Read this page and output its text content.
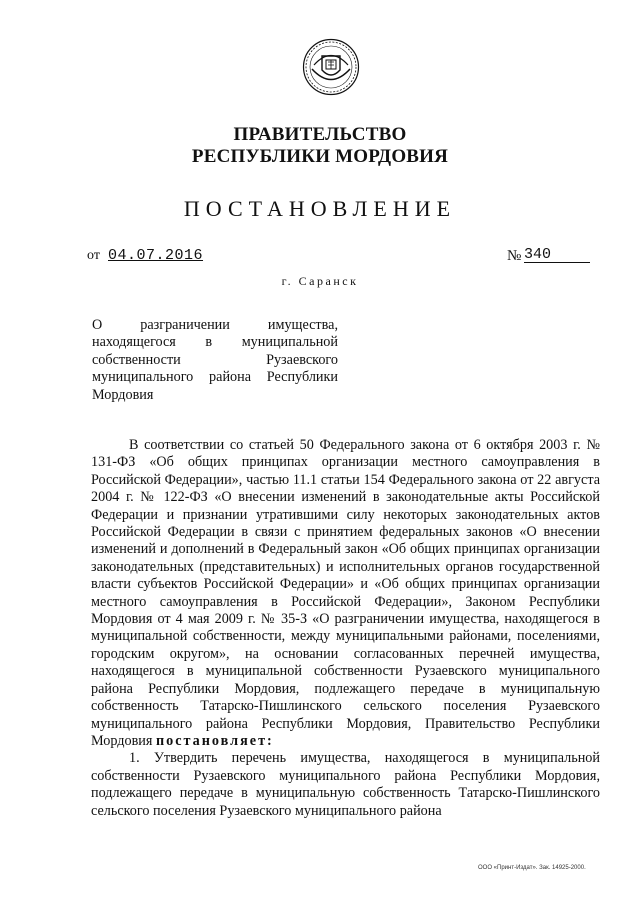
ПРАВИТЕЛЬСТВО
РЕСПУБЛИКИ МОРДОВИЯ
ПОСТАНОВЛЕНИЕ
от 04.07.2016	№ 340
г. Саранск
О разграничении имущества, находящегося в муниципальной собственности Рузаевского муниципального района Республики Мордовия

В соответствии со статьей 50 Федерального закона от 6 октября 2003 г. № 131-ФЗ «Об общих принципах организации местного самоуправления в Российской Федерации», частью 11.1 статьи 154 Федерального закона от 22 августа 2004 г. № 122-ФЗ «О внесении изменений в законодательные акты Российской Федерации и признании утратившими силу некоторых законодательных актов Российской Федерации в связи с принятием федеральных законов «О внесении изменений и дополнений в Федеральный закон «Об общих принципах организации законодательных (представительных) и исполнительных органов государственной власти субъектов Российской Федерации» и «Об общих принципах организации местного самоуправления в Российской Федерации», Законом Республики Мордовия от 4 мая 2009 г. № 35-З «О разграничении имущества, находящегося в муниципальной собственности, между муниципальными районами, поселениями, городским округом», на основании согласованных перечней имущества, находящегося в муниципальной собственности Рузаевского муниципального района Республики Мордовия, подлежащего передаче в муниципальную собственность Татарско-Пишлинского сельского поселения Рузаевского муниципального района Республики Мордовия, Правительство Республики Мордовия постановляет:

1. Утвердить перечень имущества, находящегося в муниципальной собственности Рузаевского муниципального района Республики Мордовия, подлежащего передаче в муниципальную собственность Татарско-Пишлинского сельского поселения Рузаевского муниципального района

ООО «Принт-Издат». Зак. 14925-2000.
